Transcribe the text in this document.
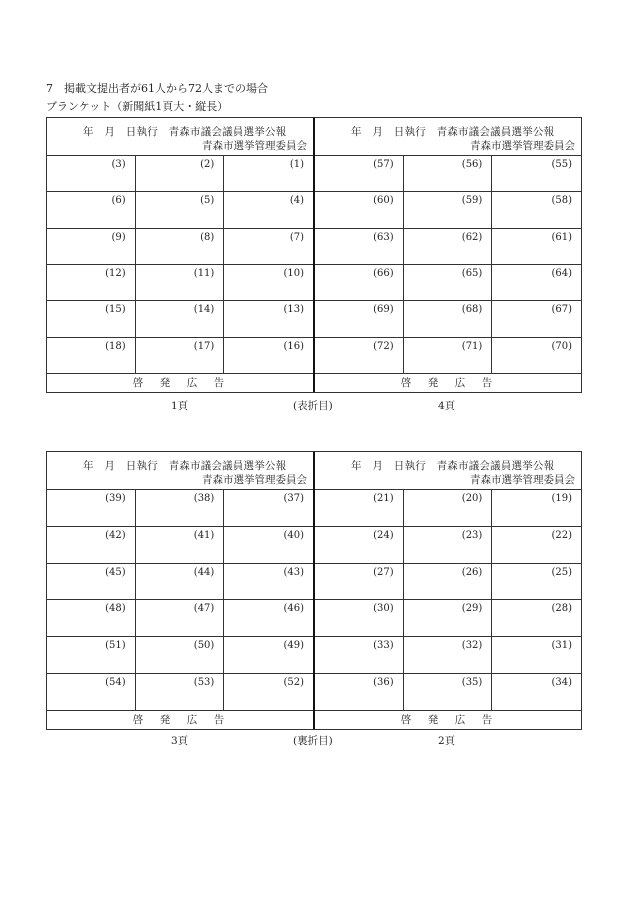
7　掲載文提出者が61人から72人までの場合
ブランケット（新聞紙1頁大・縦長）
年　月　日執行　青森市議会議員選挙公報
青森市選挙管理委員会
(3)	(2)	(1)
(6)	(5)	(4)
(9)	(8)	(7)
(12)	(11)	(10)
(15)	(14)	(13)
(18)	(17)	(16)
啓　発　広　告
年　月　日執行　青森市議会議員選挙公報
青森市選挙管理委員会
(57)	(56)	(55)
(60)	(59)	(58)
(63)	(62)	(61)
(66)	(65)	(64)
(69)	(68)	(67)
(72)	(71)	(70)
啓　発　広　告
1頁	(表折目)	4頁
年　月　日執行　青森市議会議員選挙公報
青森市選挙管理委員会
(39)	(38)	(37)
(42)	(41)	(40)
(45)	(44)	(43)
(48)	(47)	(46)
(51)	(50)	(49)
(54)	(53)	(52)
啓　発　広　告
年　月　日執行　青森市議会議員選挙公報
青森市選挙管理委員会
(21)	(20)	(19)
(24)	(23)	(22)
(27)	(26)	(25)
(30)	(29)	(28)
(33)	(32)	(31)
(36)	(35)	(34)
啓　発　広　告
3頁	(裏折目)	2頁
